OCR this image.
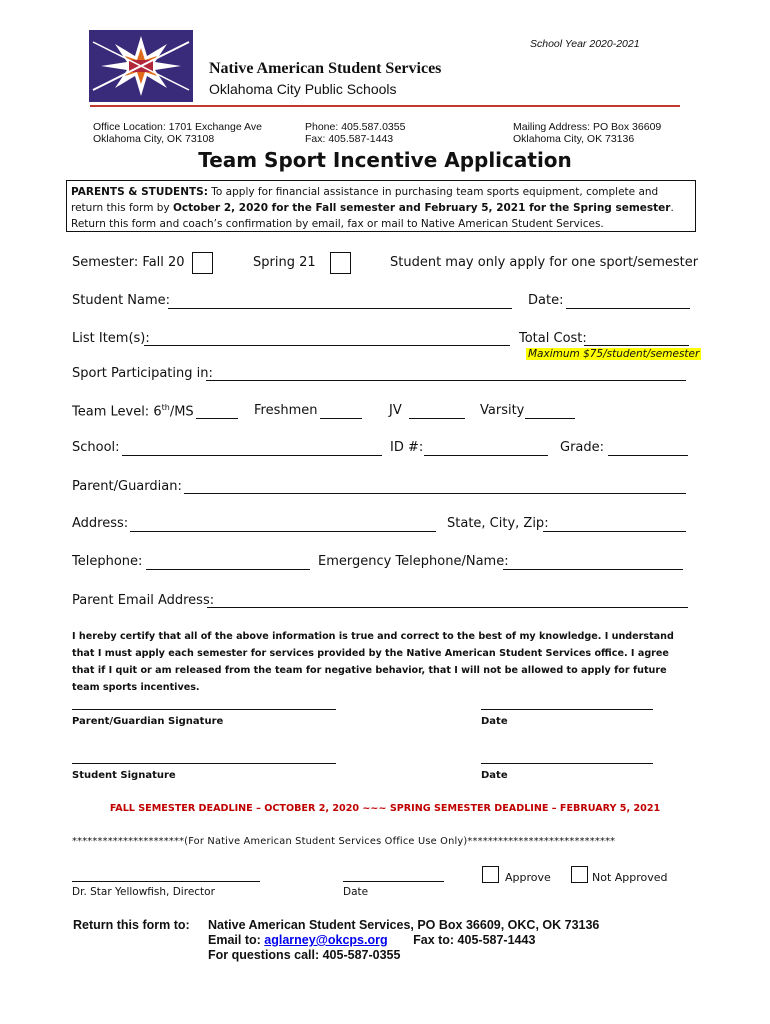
School Year 2020-2021
Native American Student Services
Oklahoma City Public Schools
Office Location: 1701 Exchange Ave
Oklahoma City, OK 73108
Phone: 405.587.0355
Fax: 405.587-1443
Mailing Address: PO Box 36609
Oklahoma City, OK 73136
Team Sport Incentive Application
PARENTS & STUDENTS: To apply for financial assistance in purchasing team sports equipment, complete and return this form by October 2, 2020 for the Fall semester and February 5, 2021 for the Spring semester. Return this form and coach’s confirmation by email, fax or mail to Native American Student Services.
Semester: Fall 20	Spring 21	Student may only apply for one sport/semester
Student Name:	Date:
List Item(s):	Total Cost:
Maximum $75/student/semester
Sport Participating in:
Team Level: 6th/MS	Freshmen	JV	Varsity
School:	ID #:	Grade:
Parent/Guardian:
Address:	State, City, Zip:
Telephone:	Emergency Telephone/Name:
Parent Email Address:
I hereby certify that all of the above information is true and correct to the best of my knowledge. I understand that I must apply each semester for services provided by the Native American Student Services office. I agree that if I quit or am released from the team for negative behavior, that I will not be allowed to apply for future team sports incentives.
Parent/Guardian Signature	Date
Student Signature	Date
FALL SEMESTER DEADLINE – OCTOBER 2, 2020 ~~~ SPRING SEMESTER DEADLINE – FEBRUARY 5, 2021
**********************(For Native American Student Services Office Use Only)*****************************
Dr. Star Yellowfish, Director	Date
Approve	Not Approved
Return this form to: Native American Student Services, PO Box 36609, OKC, OK 73136
Email to: aglarney@okcps.org Fax to: 405-587-1443
For questions call: 405-587-0355
